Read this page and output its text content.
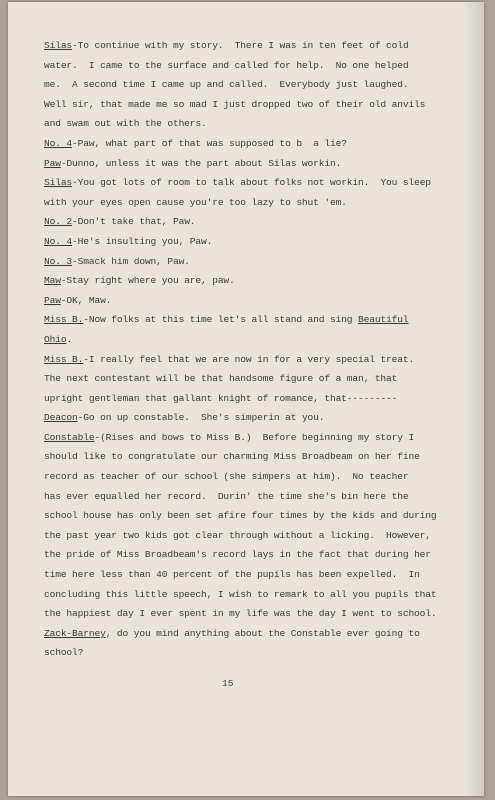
Silas-To continue with my story.  There I was in ten feet of cold
water.  I came to the surface and called for help.  No one helped
me.  A second time I came up and called.  Everybody just laughed.
Well sir, that made me so mad I just dropped two of their old anvils
and swam out with the others.
No. 4-Paw, what part of that was supposed to b  a lie?
Paw-Dunno, unless it was the part about Silas workin.
Silas-You got lots of room to talk about folks not workin.  You sleep
with your eyes open cause you're too lazy to shut 'em.
No. 2-Don't take that, Paw.
No. 4-He's insulting you, Paw.
No. 3-Smack him down, Paw.
Maw-Stay right where you are, paw.
Paw-OK, Maw.
Miss B.-Now folks at this time let's all stand and sing Beautiful
Ohio.
Miss B.-I really feel that we are now in for a very special treat.
The next contestant will be that handsome figure of a man, that
upright gentleman that gallant knight of romance, that---------
Deacon-Go on up constable.  She's simperin at you.
Constable-(Rises and bows to Miss B.)  Before beginning my story I
should like to congratulate our charming Miss Broadbeam on her fine
record as teacher of our school (she simpers at him).  No teacher
has ever equalled her record.  Durin' the time she's bin here the
school house has only been set afire four times by the kids and during
the past year two kids got clear through without a licking.  However,
the pride of Miss Broadbeam's record lays in the fact that during her
time here less than 40 percent of the pupils has been expelled.  In
concluding this little speech, I wish to remark to all you pupils that
the happiest day I ever spent in my life was the day I went to school.
Zack-Barney, do you mind anything about the Constable ever going to
school?
15
